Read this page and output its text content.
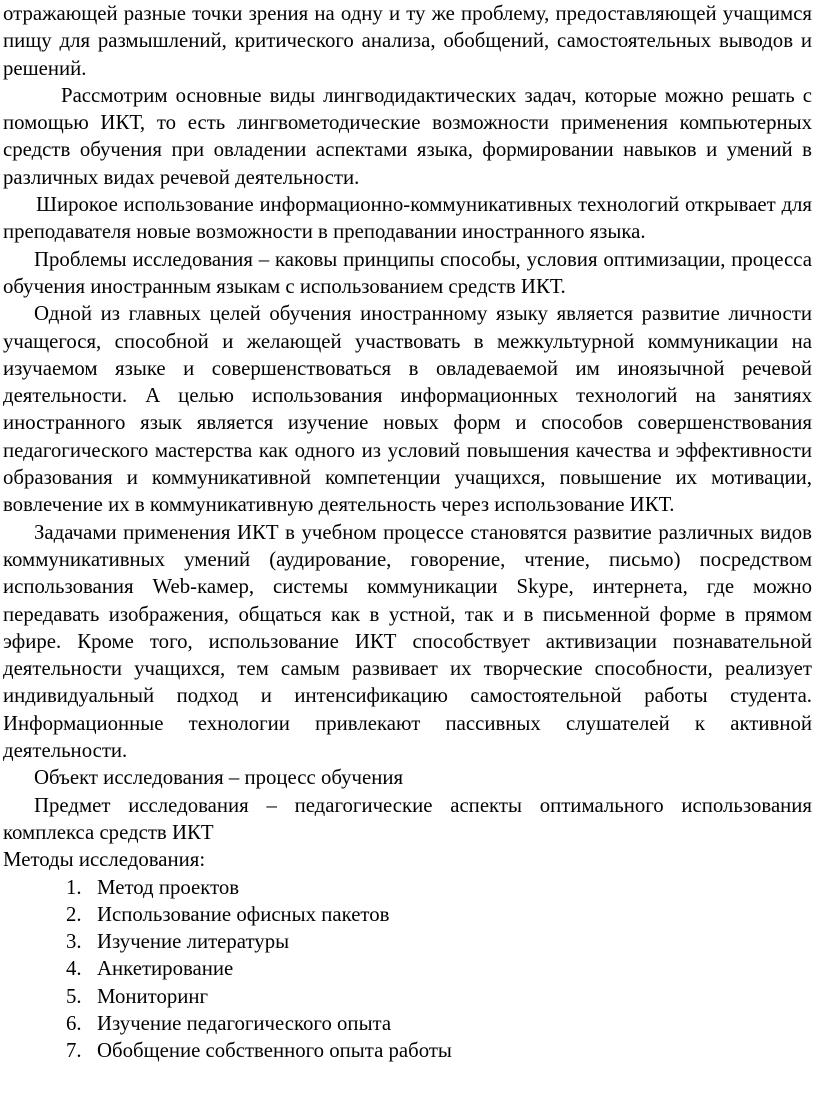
отражающей разные точки зрения на одну и ту же проблему, предоставляющей учащимся пищу для размышлений, критического анализа, обобщений, самостоятельных выводов и решений.

Рассмотрим основные виды лингводидактических задач, которые можно решать с помощью ИКТ, то есть лингвометодические возможности применения компьютерных средств обучения при овладении аспектами языка, формировании навыков и умений в различных видах речевой деятельности.

Широкое использование информационно-коммуникативных технологий открывает для преподавателя новые возможности в преподавании иностранного языка.

Проблемы исследования – каковы принципы способы, условия оптимизации, процесса обучения иностранным языкам с использованием средств ИКТ.

Одной из главных целей обучения иностранному языку является развитие личности учащегося, способной и желающей участвовать в межкультурной коммуникации на изучаемом языке и совершенствоваться в овладеваемой им иноязычной речевой деятельности. А целью использования информационных технологий на занятиях иностранного язык является изучение новых форм и способов совершенствования педагогического мастерства как одного из условий повышения качества и эффективности образования и коммуникативной компетенции учащихся, повышение их мотивации, вовлечение их в коммуникативную деятельность через использование ИКТ.

Задачами применения ИКТ в учебном процессе становятся развитие различных видов коммуникативных умений (аудирование, говорение, чтение, письмо) посредством использования Web-камер, системы коммуникации Skype, интернета, где можно передавать изображения, общаться как в устной, так и в письменной форме в прямом эфире. Кроме того, использование ИКТ способствует активизации познавательной деятельности учащихся, тем самым развивает их творческие способности, реализует индивидуальный подход и интенсификацию самостоятельной работы студента. Информационные технологии привлекают пассивных слушателей к активной деятельности.

Объект исследования – процесс обучения

Предмет исследования – педагогические аспекты оптимального использования комплекса средств ИКТ

Методы исследования:

1. Метод проектов
2. Использование офисных пакетов
3. Изучение литературы
4. Анкетирование
5. Мониторинг
6. Изучение педагогического опыта
7. Обобщение собственного опыта работы
